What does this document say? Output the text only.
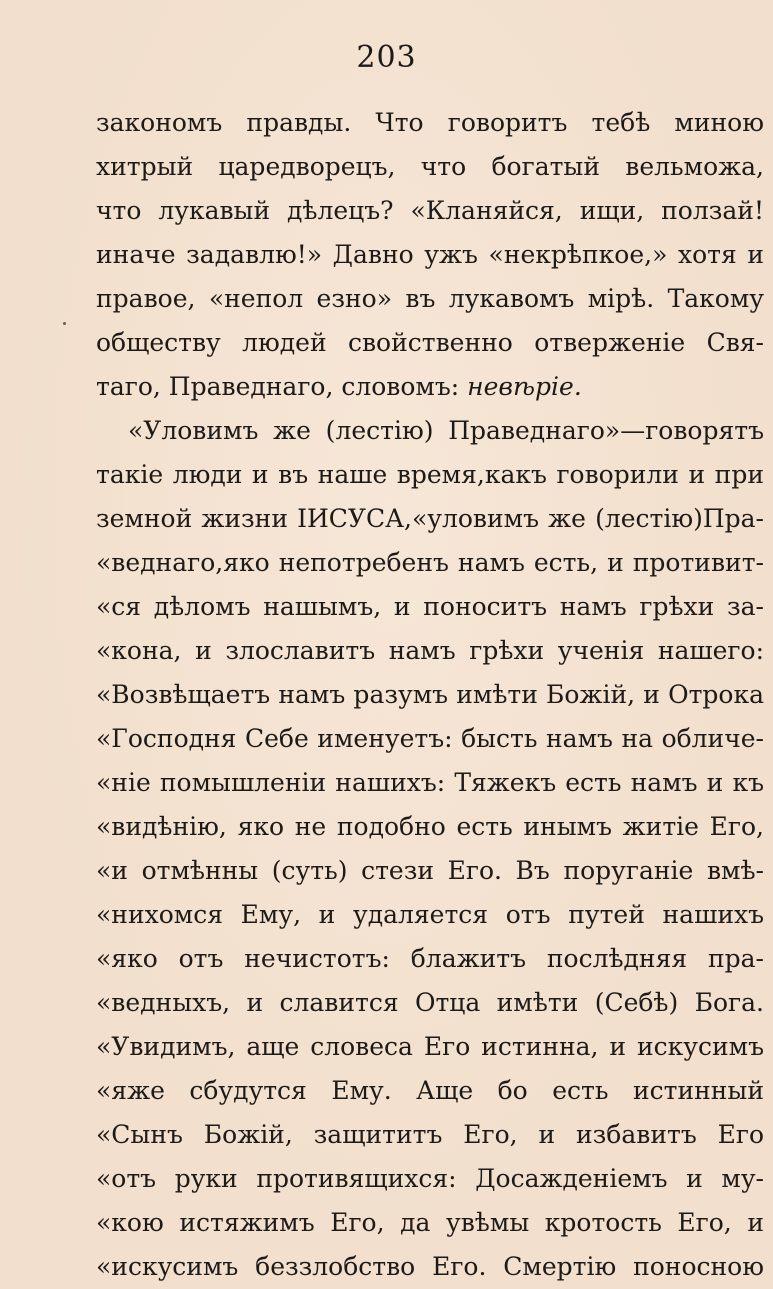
203
закономъ правды. Что говоритъ тебѣ миною
хитрый царедворецъ, что богатый вельможа,
что лукавый дѣлецъ? «Кланяйся, ищи, ползай!
иначе задавлю!» Давно ужъ «некрѣпкое,» хотя и
правое, «непол езно» въ лукавомъ мірѣ. Такому
обществу людей свойственно отверженіе Свя-
таго, Праведнаго, словомъ: невѣріе.
«Уловимъ же (лестію) Праведнаго»—говорятъ
такіе люди и въ наше время,какъ говорили и при
земной жизни ІИСУСА,«уловимъ же (лестію)Пра-
«веднаго,яко непотребенъ намъ есть, и противит-
«ся дѣломъ нашымъ, и поноситъ намъ грѣхи за-
«кона, и злославитъ намъ грѣхи ученія нашего:
«Возвѣщаетъ намъ разумъ имѣти Божій, и Отрока
«Господня Себе именуетъ: бысть намъ на обличе-
«ніе помышленіи нашихъ: Тяжекъ есть намъ и къ
«видѣнію, яко не подобно есть инымъ житіе Его,
«и отмѣнны (суть) стези Его. Въ поруганіе вмѣ-
«нихомся Ему, и удаляется отъ путей нашихъ
«яко отъ нечистотъ: блажитъ послѣдняя пра-
«ведныхъ, и славится Отца имѣти (Себѣ) Бога.
«Увидимъ, аще словеса Его истинна, и искусимъ
«яже сбудутся Ему. Аще бо есть истинный
«Сынъ Божій, защититъ Его, и избавитъ Его
«отъ руки противящихся: Досажденіемъ и му-
«кою истяжимъ Его, да увѣмы кротость Его, и
«искусимъ беззлобство Его. Смертію поносною
